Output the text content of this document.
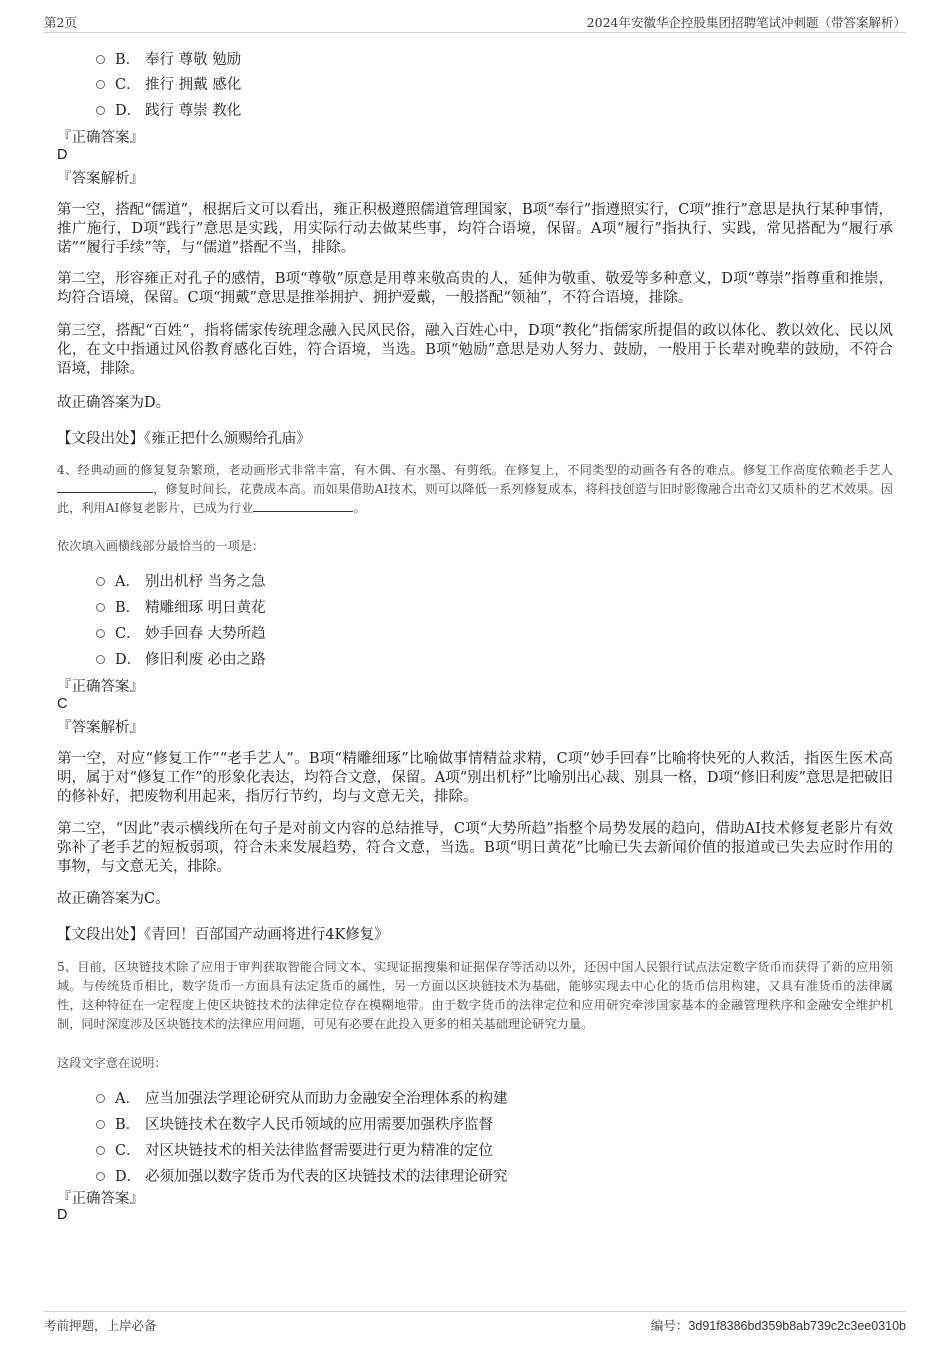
第2页	2024年安徽华企控股集团招聘笔试冲刺题（带答案解析）
B． 奉行 尊敬 勉励
C． 推行 拥戴 感化
D． 践行 尊崇 教化
『正确答案』
D
『答案解析』
第一空，搭配“儒道”，根据后文可以看出，雍正积极遵照儒道管理国家，B项“奉行”指遵照实行，C项“推行”意思是执行某种事情，推广施行，D项“践行”意思是实践，用实际行动去做某些事，均符合语境，保留。A项“履行”指执行、实践，常见搭配为“履行承诺”“履行手续”等，与“儒道”搭配不当，排除。
第二空，形容雍正对孔子的感情，B项“尊敬”原意是用尊来敬高贵的人，延伸为敬重、敬爱等多种意义，D项“尊崇”指尊重和推崇，均符合语境，保留。C项“拥戴”意思是推举拥护、拥护爱戴，一般搭配“领袖”，不符合语境，排除。
第三空，搭配“百姓”，指将儒家传统理念融入民风民俗，融入百姓心中，D项“教化”指儒家所提倡的政以体化、教以效化、民以风化，在文中指通过风俗教育感化百姓，符合语境，当选。B项“勉励”意思是劝人努力、鼓励，一般用于长辈对晚辈的鼓励，不符合语境，排除。
故正确答案为D。
【文段出处】《雍正把什么颁赐给孔庙》
4、经典动画的修复复杂繁琐，老动画形式非常丰富，有木偶、有水墨、有剪纸。在修复上，不同类型的动画各有各的难点。修复工作高度依赖老手艺人，修复时间长，花费成本高。而如果借助AI技术，则可以降低一系列修复成本，将科技创造与旧时影像融合出奇幻又质朴的艺术效果。因此，利用AI修复老影片，已成为行业	。
依次填入画横线部分最恰当的一项是：
A． 别出机杼 当务之急
B． 精雕细琢 明日黄花
C． 妙手回春 大势所趋
D． 修旧利废 必由之路
『正确答案』
C
『答案解析』
第一空，对应“修复工作”“老手艺人”。B项“精雕细琢”比喻做事情精益求精，C项“妙手回春”比喻将快死的人救活，指医生医术高明，属于对“修复工作”的形象化表达，均符合文意，保留。A项“别出机杼”比喻别出心裁、别具一格，D项“修旧利废”意思是把破旧的修补好，把废物利用起来，指厉行节约，均与文意无关，排除。
第二空，“因此”表示横线所在句子是对前文内容的总结推导，C项“大势所趋”指整个局势发展的趋向，借助AI技术修复老影片有效弥补了老手艺的短板弱项，符合未来发展趋势，符合文意，当选。B项“明日黄花”比喻已失去新闻价值的报道或已失去应时作用的事物，与文意无关，排除。
故正确答案为C。
【文段出处】《青回！百部国产动画将进行4K修复》
5、目前，区块链技术除了应用于审判获取智能合同文本、实现证据搜集和证据保存等活动以外，还因中国人民银行试点法定数字货币而获得了新的应用领域。与传统货币相比，数字货币一方面具有法定货币的属性，另一方面以区块链技术为基础，能够实现去中心化的货币信用构建，又具有准货币的法律属性，这种特征在一定程度上使区块链技术的法律定位存在模糊地带。由于数字货币的法律定位和应用研究牵涉国家基本的金融管理秩序和金融安全维护机制，同时深度涉及区块链技术的法律应用问题，可见有必要在此投入更多的相关基础理论研究力量。
这段文字意在说明：
A． 应当加强法学理论研究从而助力金融安全治理体系的构建
B． 区块链技术在数字人民币领域的应用需要加强秩序监督
C． 对区块链技术的相关法律监督需要进行更为精准的定位
D． 必须加强以数字货币为代表的区块链技术的法律理论研究
『正确答案』
D
考前押题，上岸必备	编号：3d91f8386bd359b8ab739c2c3ee0310b
